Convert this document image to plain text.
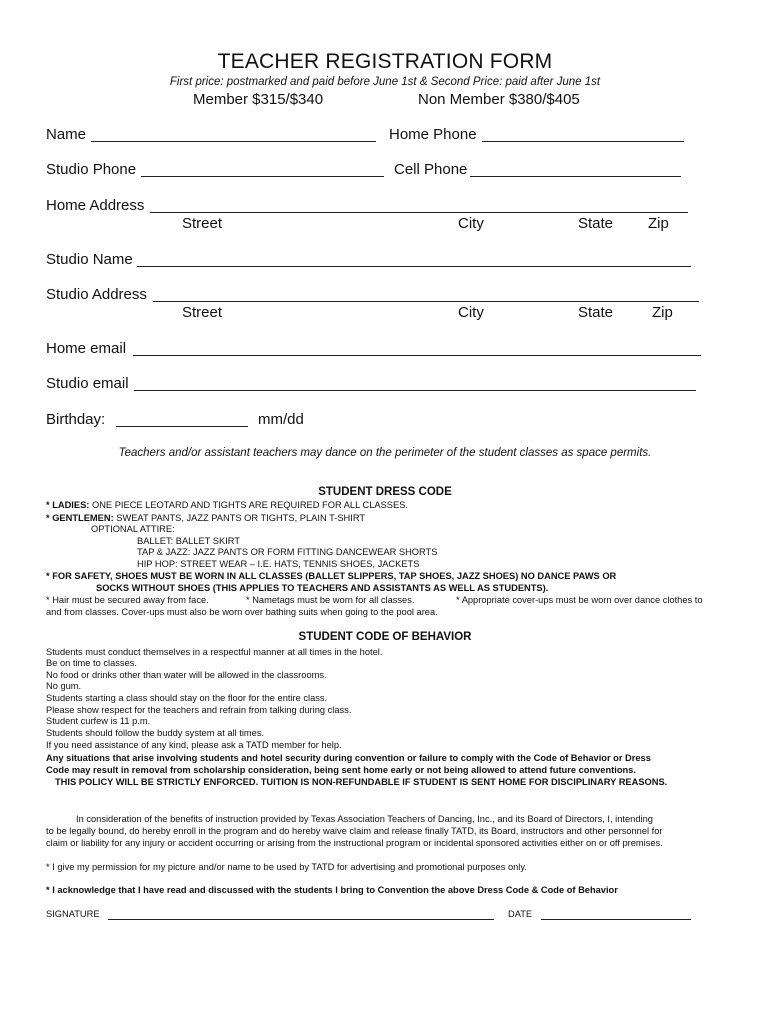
TEACHER REGISTRATION FORM
First price: postmarked and paid before June 1st & Second Price: paid after June 1st
Member $315/$340	Non Member $380/$405
Name	Home Phone
Studio Phone	Cell Phone
Home Address
Street	City	State Zip
Studio Name
Studio Address
Street	City	State	Zip
Home email
Studio email
Birthday:	mm/dd
Teachers and/or assistant teachers may dance on the perimeter of the student classes as space permits.
STUDENT DRESS CODE
* LADIES: ONE PIECE LEOTARD AND TIGHTS ARE REQUIRED FOR ALL CLASSES.
* GENTLEMEN: SWEAT PANTS, JAZZ PANTS OR TIGHTS, PLAIN T-SHIRT
OPTIONAL ATTIRE:
BALLET: BALLET SKIRT
TAP & JAZZ: JAZZ PANTS OR FORM FITTING DANCEWEAR SHORTS
HIP HOP: STREET WEAR – I.E. HATS, TENNIS SHOES, JACKETS
* FOR SAFETY, SHOES MUST BE WORN IN ALL CLASSES (BALLET SLIPPERS, TAP SHOES, JAZZ SHOES) NO DANCE PAWS OR
SOCKS WITHOUT SHOES (THIS APPLIES TO TEACHERS AND ASSISTANTS AS WELL AS STUDENTS).
* Hair must be secured away from face.	* Nametags must be worn for all classes.	* Appropriate cover-ups must be worn over dance clothes to
and from classes. Cover-ups must also be worn over bathing suits when going to the pool area.
STUDENT CODE OF BEHAVIOR
Students must conduct themselves in a respectful manner at all times in the hotel.
Be on time to classes.
No food or drinks other than water will be allowed in the classrooms.
No gum.
Students starting a class should stay on the floor for the entire class.
Please show respect for the teachers and refrain from talking during class.
Student curfew is 11 p.m.
Students should follow the buddy system at all times.
If you need assistance of any kind, please ask a TATD member for help.
Any situations that arise involving students and hotel security during convention or failure to comply with the Code of Behavior or Dress
Code may result in removal from scholarship consideration, being sent home early or not being allowed to attend future conventions.
THIS POLICY WILL BE STRICTLY ENFORCED. TUITION IS NON-REFUNDABLE IF STUDENT IS SENT HOME FOR DISCIPLINARY REASONS.
In consideration of the benefits of instruction provided by Texas Association Teachers of Dancing, Inc., and its Board of Directors, I, intending
to be legally bound, do hereby enroll in the program and do hereby waive claim and release finally TATD, its Board, instructors and other personnel for
claim or liability for any injury or accident occurring or arising from the instructional program or incidental sponsored activities either on or off premises.
* I give my permission for my picture and/or name to be used by TATD for advertising and promotional purposes only.
* I acknowledge that I have read and discussed with the students I bring to Convention the above Dress Code & Code of Behavior
SIGNATURE	DATE
